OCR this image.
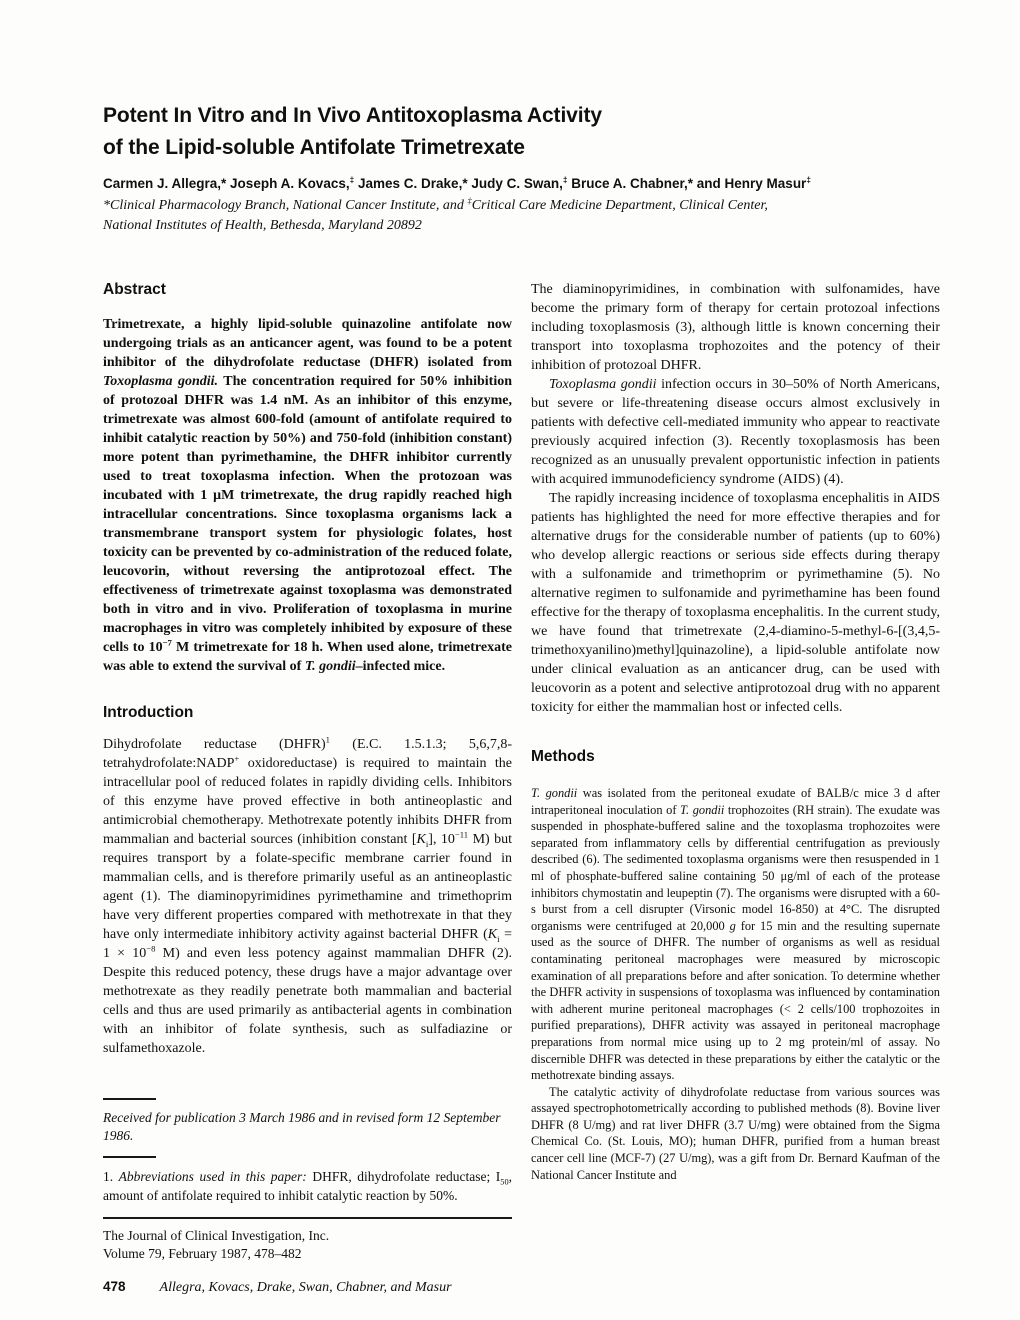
Potent In Vitro and In Vivo Antitoxoplasma Activity
of the Lipid-soluble Antifolate Trimetrexate

Carmen J. Allegra,* Joseph A. Kovacs,‡ James C. Drake,* Judy C. Swan,‡ Bruce A. Chabner,* and Henry Masur‡

*Clinical Pharmacology Branch, National Cancer Institute, and ‡Critical Care Medicine Department, Clinical Center,
National Institutes of Health, Bethesda, Maryland 20892

Abstract

Trimetrexate, a highly lipid-soluble quinazoline antifolate now undergoing trials as an anticancer agent, was found to be a potent inhibitor of the dihydrofolate reductase (DHFR) isolated from Toxoplasma gondii. The concentration required for 50% inhibition of protozoal DHFR was 1.4 nM. As an inhibitor of this enzyme, trimetrexate was almost 600-fold (amount of antifolate required to inhibit catalytic reaction by 50%) and 750-fold (inhibition constant) more potent than pyrimethamine, the DHFR inhibitor currently used to treat toxoplasma infection. When the protozoan was incubated with 1 μM trimetrexate, the drug rapidly reached high intracellular concentrations. Since toxoplasma organisms lack a transmembrane transport system for physiologic folates, host toxicity can be prevented by co-administration of the reduced folate, leucovorin, without reversing the antiprotozoal effect. The effectiveness of trimetrexate against toxoplasma was demonstrated both in vitro and in vivo. Proliferation of toxoplasma in murine macrophages in vitro was completely inhibited by exposure of these cells to $10^{-7}$ M trimetrexate for 18 h. When used alone, trimetrexate was able to extend the survival of T. gondii–infected mice.

Introduction

Dihydrofolate reductase (DHFR)$^1$ (E.C. 1.5.1.3; 5,6,7,8-tetrahydrofolate:NADP+ oxidoreductase) is required to maintain the intracellular pool of reduced folates in rapidly dividing cells. Inhibitors of this enzyme have proved effective in both antineoplastic and antimicrobial chemotherapy. Methotrexate potently inhibits DHFR from mammalian and bacterial sources (inhibition constant $[K_i]$, $10^{-11}$ M) but requires transport by a folate-specific membrane carrier found in mammalian cells, and is therefore primarily useful as an antineoplastic agent (1). The diaminopyrimidines pyrimethamine and trimethoprim have very different properties compared with methotrexate in that they have only intermediate inhibitory activity against bacterial DHFR ($K_i = 1 \times 10^{-8}$ M) and even less potency against mammalian DHFR (2). Despite this reduced potency, these drugs have a major advantage over methotrexate as they readily penetrate both mammalian and bacterial cells and thus are used primarily as antibacterial agents in combination with an inhibitor of folate synthesis, such as sulfadiazine or sulfamethoxazole.

The diaminopyrimidines, in combination with sulfonamides, have become the primary form of therapy for certain protozoal infections including toxoplasmosis (3), although little is known concerning their transport into toxoplasma trophozoites and the potency of their inhibition of protozoal DHFR.

Toxoplasma gondii infection occurs in 30–50% of North Americans, but severe or life-threatening disease occurs almost exclusively in patients with defective cell-mediated immunity who appear to reactivate previously acquired infection (3). Recently toxoplasmosis has been recognized as an unusually prevalent opportunistic infection in patients with acquired immunodeficiency syndrome (AIDS) (4).

The rapidly increasing incidence of toxoplasma encephalitis in AIDS patients has highlighted the need for more effective therapies and for alternative drugs for the considerable number of patients (up to 60%) who develop allergic reactions or serious side effects during therapy with a sulfonamide and trimethoprim or pyrimethamine (5). No alternative regimen to sulfonamide and pyrimethamine has been found effective for the therapy of toxoplasma encephalitis. In the current study, we have found that trimetrexate (2,4-diamino-5-methyl-6-[(3,4,5-trimethoxyanilino)methyl]quinazoline), a lipid-soluble antifolate now under clinical evaluation as an anticancer drug, can be used with leucovorin as a potent and selective antiprotozoal drug with no apparent toxicity for either the mammalian host or infected cells.

Methods

T. gondii was isolated from the peritoneal exudate of BALB/c mice 3 d after intraperitoneal inoculation of T. gondii trophozoites (RH strain). The exudate was suspended in phosphate-buffered saline and the toxoplasma trophozoites were separated from inflammatory cells by differential centrifugation as previously described (6). The sedimented toxoplasma organisms were then resuspended in 1 ml of phosphate-buffered saline containing 50 μg/ml of each of the protease inhibitors chymostatin and leupeptin (7). The organisms were disrupted with a 60-s burst from a cell disrupter (Virsonic model 16-850) at 4°C. The disrupted organisms were centrifuged at 20,000 g for 15 min and the resulting supernate used as the source of DHFR. The number of organisms as well as residual contaminating peritoneal macrophages were measured by microscopic examination of all preparations before and after sonication. To determine whether the DHFR activity in suspensions of toxoplasma was influenced by contamination with adherent murine peritoneal macrophages (< 2 cells/100 trophozoites in purified preparations), DHFR activity was assayed in peritoneal macrophage preparations from normal mice using up to 2 mg protein/ml of assay. No discernible DHFR was detected in these preparations by either the catalytic or the methotrexate binding assays.

The catalytic activity of dihydrofolate reductase from various sources was assayed spectrophotometrically according to published methods (8). Bovine liver DHFR (8 U/mg) and rat liver DHFR (3.7 U/mg) were obtained from the Sigma Chemical Co. (St. Louis, MO); human DHFR, purified from a human breast cancer cell line (MCF-7) (27 U/mg), was a gift from Dr. Bernard Kaufman of the National Cancer Institute and

Received for publication 3 March 1986 and in revised form 12 September 1986.

1. Abbreviations used in this paper: DHFR, dihydrofolate reductase; $I_{50}$, amount of antifolate required to inhibit catalytic reaction by 50%.

The Journal of Clinical Investigation, Inc.
Volume 79, February 1987, 478–482

478 Allegra, Kovacs, Drake, Swan, Chabner, and Masur
